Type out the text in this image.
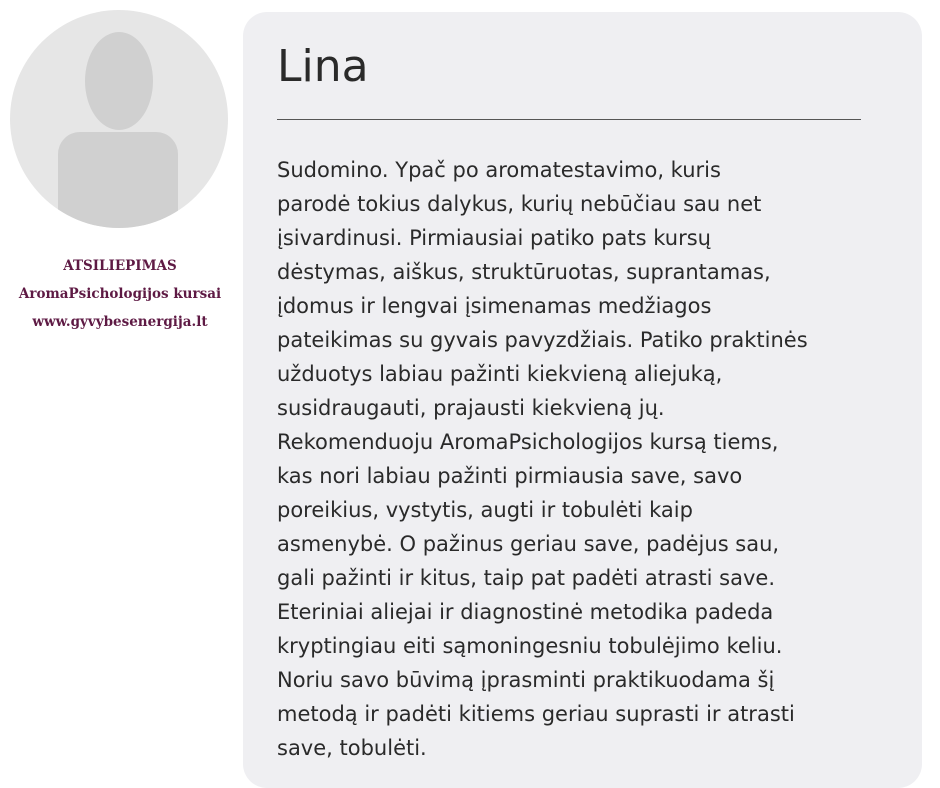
ATSILIEPIMAS
AromaPsichologijos kursai
www.gyvybesenergija.lt
Lina
Sudomino. Ypač po aromatestavimo, kuris
parodė tokius dalykus, kurių nebūčiau sau net
įsivardinusi. Pirmiausiai patiko pats kursų
dėstymas, aiškus, struktūruotas, suprantamas,
įdomus ir lengvai įsimenamas medžiagos
pateikimas su gyvais pavyzdžiais. Patiko praktinės
užduotys labiau pažinti kiekvieną aliejuką,
susidraugauti, prajausti kiekvieną jų.
Rekomenduoju AromaPsichologijos kursą tiems,
kas nori labiau pažinti pirmiausia save, savo
poreikius, vystytis, augti ir tobulėti kaip
asmenybė. O pažinus geriau save, padėjus sau,
gali pažinti ir kitus, taip pat padėti atrasti save.
Eteriniai aliejai ir diagnostinė metodika padeda
kryptingiau eiti sąmoningesniu tobulėjimo keliu.
Noriu savo būvimą įprasminti praktikuodama šį
metodą ir padėti kitiems geriau suprasti ir atrasti
save, tobulėti.
